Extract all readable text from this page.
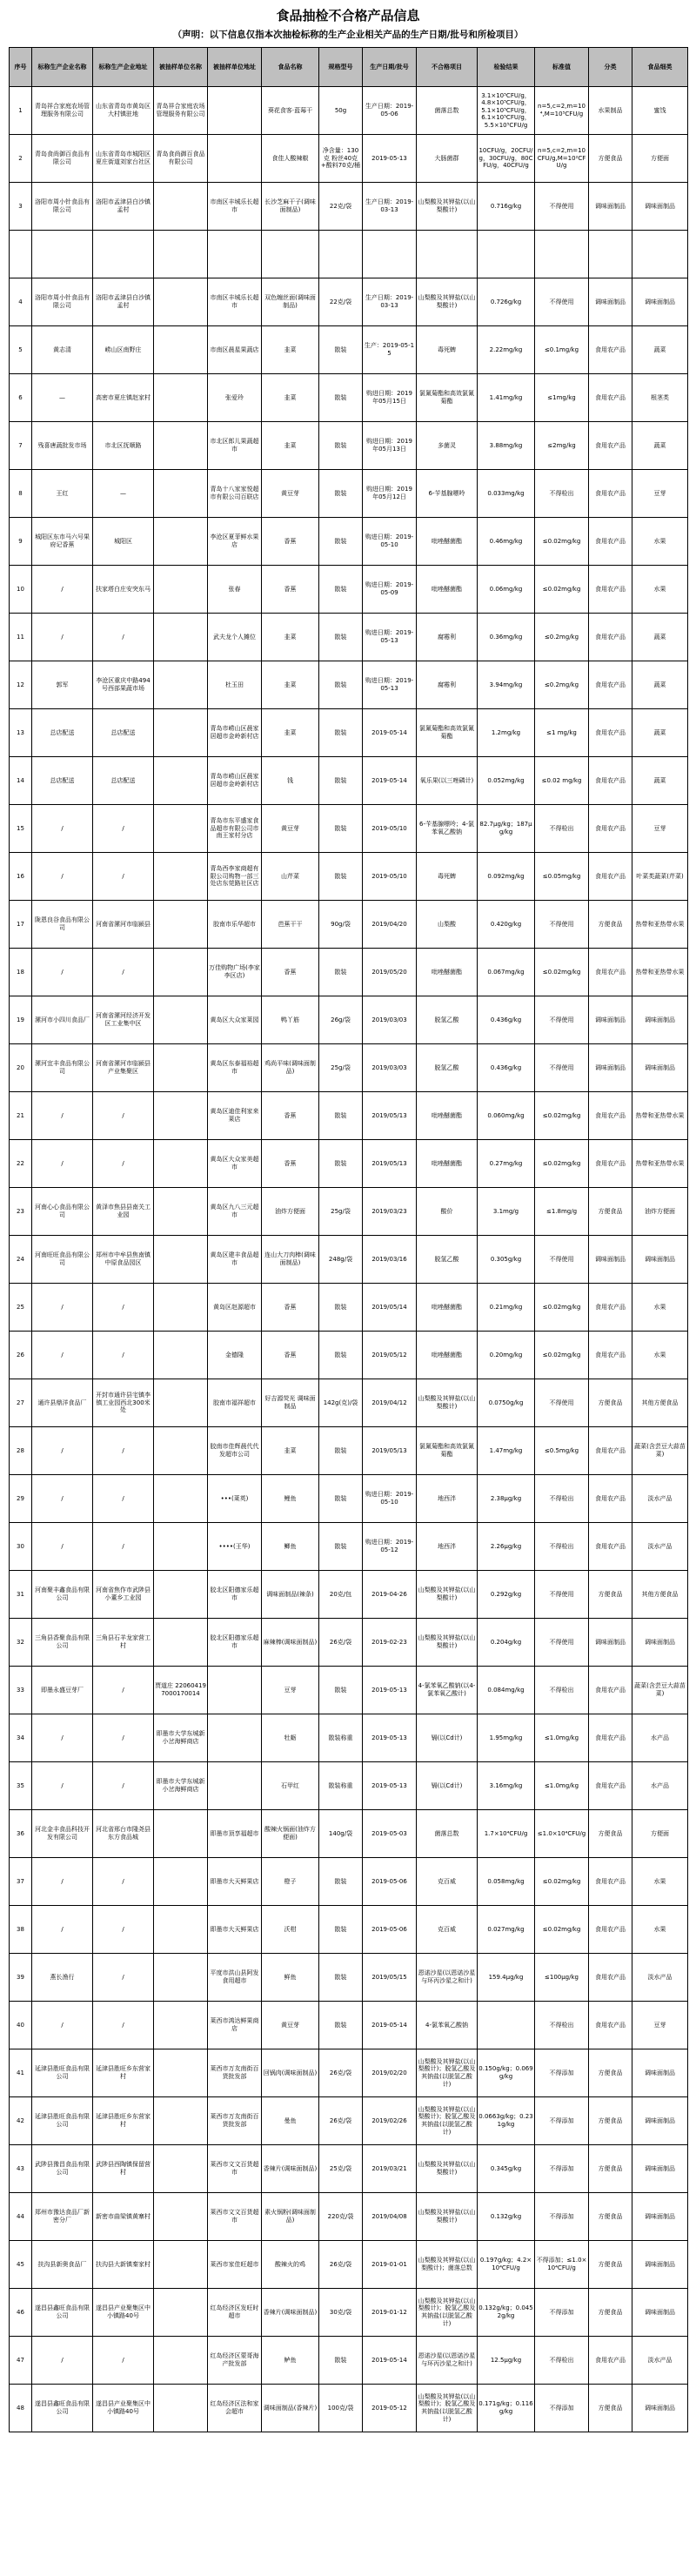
食品抽检不合格产品信息
（声明：以下信息仅指本次抽检标称的生产企业相关产品的生产日期/批号和所检项目）
序号	标称生产企业名称	标称生产企业地址	被抽样单位名称	被抽样单位地址	食品名称	规格型号	生产日期/批号	不合格项目	检验结果	标准值	分类	食品细类
1	青岛祥合家庭农场管理服务有限公司	山东省青岛市黄岛区大村镇驻地	青岛祥合家庭农场管理服务有限公司		葵花食客·蓝莓干	50g	生产日期：2019-05-06	菌落总数	3.1×10⁵CFU/g，4.8×10⁵CFU/g，5.1×10⁵CFU/g，6.1×10⁵CFU/g，5.5×10⁵CFU/g	n=5,c=2,m=10⁴,M=10⁵CFU/g	水果制品	蜜饯
2	青岛食尚御百食品有限公司	山东省青岛市城阳区夏庄街道刘家台社区	青岛食尚御百食品有限公司		食佳人酸辣椒	净含量：130克 粉丝40克+酸料70克/桶	2019-05-13	大肠菌群	10CFU/g，20CFU/g，30CFU/g，80CFU/g，40CFU/g	n=5,c=2,m=10CFU/g,M=10²CFU/g	方便食品	方便面
3	洛阳市周小针食品有限公司	洛阳市孟津县白沙镇孟村		市南区丰城乐长超市	长沙芝麻干子(调味面制品)	22克/袋	生产日期：2019-03-13	山梨酸及其钾盐(以山梨酸计)	0.716g/kg	不得使用	调味面制品	调味面制品

4	洛阳市周小针食品有限公司	洛阳市孟津县白沙镇孟村		市南区丰城乐长超市	双色缠丝面(调味面制品)	22克/袋	生产日期：2019-03-13	山梨酸及其钾盐(以山梨酸计)	0.726g/kg	不得使用	调味面制品	调味面制品
5	黄志清	崂山区南野庄		市南区晨星果蔬店	韭菜	散装	生产：2019-05-15	毒死蜱	2.22mg/kg	≤0.1mg/kg	食用农产品	蔬菜
6	—	高密市夏庄镇赵家村		张爱玲	韭菜	散装	购进日期：2019年05月15日	氯氰菊酯和高效氯氰菊酯	1.41mg/kg	≤1mg/kg	食用农产品	根茎类
7	残喜唐蔬批发市场	市北区抚顺路		市北区郎儿果蔬超市	韭菜	散装	购进日期：2019年05月13日	多菌灵	3.88mg/kg	≤2mg/kg	食用农产品	蔬菜
8	王红	—		青岛十八家家悦超市有限公司百联店	黄豆芽	散装	购进日期：2019年05月12日	6-苄基腺嘌呤	0.033mg/kg	不得检出	食用农产品	豆芽
9	城阳区东市马六号果府记香蕉	城阳区		李沧区夏菲鲜水果店	香蕉	散装	购进日期：2019-05-10	吡唑醚菌酯	0.46mg/kg	≤0.02mg/kg	食用农产品	水果
10	/	扶家塔白庄安突东马		张春	香蕉	散装	购进日期：2019-05-09	吡唑醚菌酯	0.06mg/kg	≤0.02mg/kg	食用农产品	水果
11	/	/		武夫龙个人摊位	韭菜	散装	购进日期：2019-05-13	腐霉利	0.36mg/kg	≤0.2mg/kg	食用农产品	蔬菜
12	郭军	李沧区重庆中路494号西部果蔬市场		杜玉田	韭菜	散装	购进日期：2019-05-13	腐霉利	3.94mg/kg	≤0.2mg/kg	食用农产品	蔬菜
13	总店配送	总店配送		青岛市崂山区晨家居超市金岭新村店	韭菜	散装	2019-05-14	氯氰菊酯和高效氯氰菊酯	1.2mg/kg	≤1 mg/kg	食用农产品	蔬菜
14	总店配送	总店配送		青岛市崂山区晨家居超市金岭新村店	钱	散装	2019-05-14	氧乐果(以三唑磷计)	0.052mg/kg	≤0.02 mg/kg	食用农产品	蔬菜
15	/	/		青岛市东平盛家食品超市有限公司市南王家村分店	黄豆芽	散装	2019-05/10	6-苄基腺嘌呤；4-氯苯氧乙酸钠	82.7μg/kg；187μg/kg	不得检出	食用农产品	豆芽
16	/	/		青岛西李家商超有限公司购物一部三处店东莞路社区店	山芹菜	散装	2019-05/10	毒死蜱	0.092mg/kg	≤0.05mg/kg	食用农产品	叶菜类蔬菜(芹菜)
17	陇恩良谷食品有限公司	河南省漯河市临颍县		胶南市乐华超市	芭蕉干干	90g/袋	2019/04/20	山梨酸	0.420g/kg	不得使用	方便食品	热带和亚热带水果
18	/	/		万佳购物广场(李家李区店)	香蕉	散装	2019/05/20	吡唑醚菌酯	0.067mg/kg	≤0.02mg/kg	食用农产品	热带和亚热带水果
19	漯河市小四川食品厂	河南省漯河经济开发区工业集中区		黄岛区大众家莱园	鸭丫筋	26g/袋	2019/03/03	脱氢乙酸	0.436g/kg	不得使用	调味面制品	调味面制品
20	漯河宜丰食品有限公司	河南省漯河市临颍县产业集聚区		黄岛区东泰福裕超市	鸡尚平味(调味面制品)	25g/袋	2019/03/03	脱氢乙酸	0.436g/kg	不得使用	调味面制品	调味面制品
21	/	/		黄岛区迪佳利家来莱店	香蕉	散装	2019/05/13	吡唑醚菌酯	0.060mg/kg	≤0.02mg/kg	食用农产品	热带和亚热带水果
22	/	/		黄岛区大众家美超市	香蕉	散装	2019/05/13	吡唑醚菌酯	0.27mg/kg	≤0.02mg/kg	食用农产品	热带和亚热带水果
23	河南心心食品有限公司	黄泽市焦县县南关工业园		黄岛区九八三元超市	油炸方便面	25g/袋	2019/03/23	酸价	3.1mg/g	≤1.8mg/g	方便食品	油炸方便面
24	河南旺旺食品有限公司	郑州市中牟县焦南镇中原食品园区		黄岛区建丰食品超市	连山大刀肉棒(调味面制品)	248g/袋	2019/03/16	脱氢乙酸	0.305g/kg	不得使用	调味面制品	调味面制品
25	/	/		黄岛区赵源超市	香蕉	散装	2019/05/14	吡唑醚菌酯	0.21mg/kg	≤0.02mg/kg	食用农产品	水果
26	/	/		金德隆	香蕉	散装	2019/05/12	吡唑醚菌酯	0.20mg/kg	≤0.02mg/kg	食用农产品	水果
27	通许县鼎洋食品厂	开封市通许县宅镇李镇工业园西北300米处		胶南市福祥超市	好吉源荧光 调味面制品	142g(克)/袋	2019/04/12	山梨酸及其钾盐(以山梨酸计)	0.0750g/kg	不得使用	方便食品	其他方便食品
28	/	/		胶南市佳辉晨代代发超市公司	韭菜	散装	2019/05/13	氯氰菊酯和高效氯氰菊酯	1.47mg/kg	≤0.5mg/kg	食用农产品	蔬菜(含芸豆大蒜苗菜)
29	/	/		•••(莱英)	鲤鱼	散装	购进日期：2019-05-10	地西泮	2.38μg/kg	不得检出	食用农产品	淡水产品
30	/	/		••••(王华)	鲫鱼	散装	购进日期：2019-05-12	地西泮	2.26μg/kg	不得检出	食用农产品	淡水产品
31	河南聚丰鑫食品有限公司	河南省焦作市武陟县小董乡工业园		胶北区阳德家乐超市	调味面制品(辣条)	20克/包	2019-04-26	山梨酸及其钾盐(以山梨酸计)	0.292g/kg	不得使用	方便食品	其他方便食品
32	三角县香聚食品有限公司	三角县石羊龙家营工村		胶北区阳德家乐超市	麻辣棒(调味面制品)	26克/袋	2019-02-23	山梨酸及其钾盐(以山梨酸计)	0.204g/kg	不得使用	调味面制品	调味面制品
33	即墨永盛豆芽厂	/	贾道庄 220604197000170014		豆芽	散装	2019-05-13	4-氯苯氧乙酸钠(以4-氯苯氧乙酸计)	0.084mg/kg	不得检出	食用农产品	蔬菜(含芸豆大蒜苗菜)
34	/	/	即墨市大学东城新小岔海鲜商店		牡蛎	散装称重	2019-05-13	镉(以Cd计)	1.95mg/kg	≤1.0mg/kg	食用农产品	水产品
35	/	/	即墨市大学东城新小岔海鲜商店		石甲红	散装称重	2019-05-13	镉(以Cd计)	3.16mg/kg	≤1.0mg/kg	食用农产品	水产品
36	河北金丰食品科技开发有限公司	河北省邢台市隆尧县东方食品城		即墨市顶享福超市	酸辣火锅面(油炸方便面)	140g/袋	2019-05-03	菌落总数	1.7×10⁴CFU/g	≤1.0×10⁴CFU/g	方便食品	方便面
37	/	/		即墨市大天鲜果店	橙子	散装	2019-05-06	克百威	0.058mg/kg	≤0.02mg/kg	食用农产品	水果
38	/	/		即墨市大天鲜果店	沃柑	散装	2019-05-06	克百威	0.027mg/kg	≤0.02mg/kg	食用农产品	水果
39	燕长渔行	/		平度市洪山县阿发食用超市	鲜鱼	散装	2019/05/15	恩诺沙星(以恩诺沙星与环丙沙星之和计)	159.4μg/kg	≤100μg/kg	食用农产品	淡水产品
40	/	/		莱西市鸿达鲜果商店	黄豆芽	散装	2019-05-14	4-氯苯氧乙酸钠		不得检出	食用农产品	豆芽
41	延津县胜旺食品有限公司	延津县胜旺乡东营家村		莱西市万友南街百货批发部	回锅肉(调味面制品)	26克/袋	2019/02/20	山梨酸及其钾盐(以山梨酸计)；脱氢乙酸及其钠盐(以脱氢乙酸计)	0.150g/kg；0.069g/kg	不得添加	方便食品	调味面制品
42	延津县胜旺食品有限公司	延津县胜旺乡东营家村		莱西市万友南街百货批发部	曼鱼	26克/袋	2019/02/26	山梨酸及其钾盐(以山梨酸计)；脱氢乙酸及其钠盐(以脱氢乙酸计)	0.0663g/kg；0.231g/kg	不得添加	方便食品	调味面制品
43	武陟县豫昌食品有限公司	武陟县西陶镇保留营村		莱西市文文百货超市	香辣片(调味面制品)	25克/袋	2019/03/21	山梨酸及其钾盐(以山梨酸计)	0.345g/kg	不得添加	方便食品	调味面制品
44	郑州市豫达食品厂新密分厂	新密市曲梁镇黄寨村		莱西市文文百货超市	素火锅粉(调味面制品)	220克/袋	2019/04/08	山梨酸及其钾盐(以山梨酸计)	0.132g/kg	不得添加	方便食品	调味面制品
45	扶沟县新奥食品厂	扶沟县大新镇秦家村		莱西市家佳旺超市	酸辣火的鸡	26克/袋	2019-01-01	山梨酸及其钾盐(以山梨酸计)；菌落总数	0.197g/kg；4.2×10⁴CFU/g	不得添加；≤1.0×10⁴CFU/g	方便食品	调味面制品
46	遂昌县鑫旺食品有限公司	遂昌县产业聚集区中小镇路40号		红岛经济区发旺时超市	香辣片(调味面制品)	30克/袋	2019-01-12	山梨酸及其钾盐(以山梨酸计)；脱氢乙酸及其钠盐(以脱氢乙酸计)	0.132g/kg；0.0452g/kg	不得添加	方便食品	调味面制品
47	/	/		红岛经济区蒙哥海产批发部	鲈鱼	散装	2019-05-14	恩诺沙星(以恩诺沙星与环丙沙星之和计)	12.5μg/kg	不得检出	食用农产品	淡水产品
48	遂昌县鑫旺食品有限公司	遂昌县产业聚集区中小镇路40号		红岛经济区法和家会超市	调味面制品(香辣片)	100克/袋	2019-05-12	山梨酸及其钾盐(以山梨酸计)；脱氢乙酸及其钠盐(以脱氢乙酸计)	0.171g/kg；0.116g/kg	不得添加	方便食品	调味面制品
